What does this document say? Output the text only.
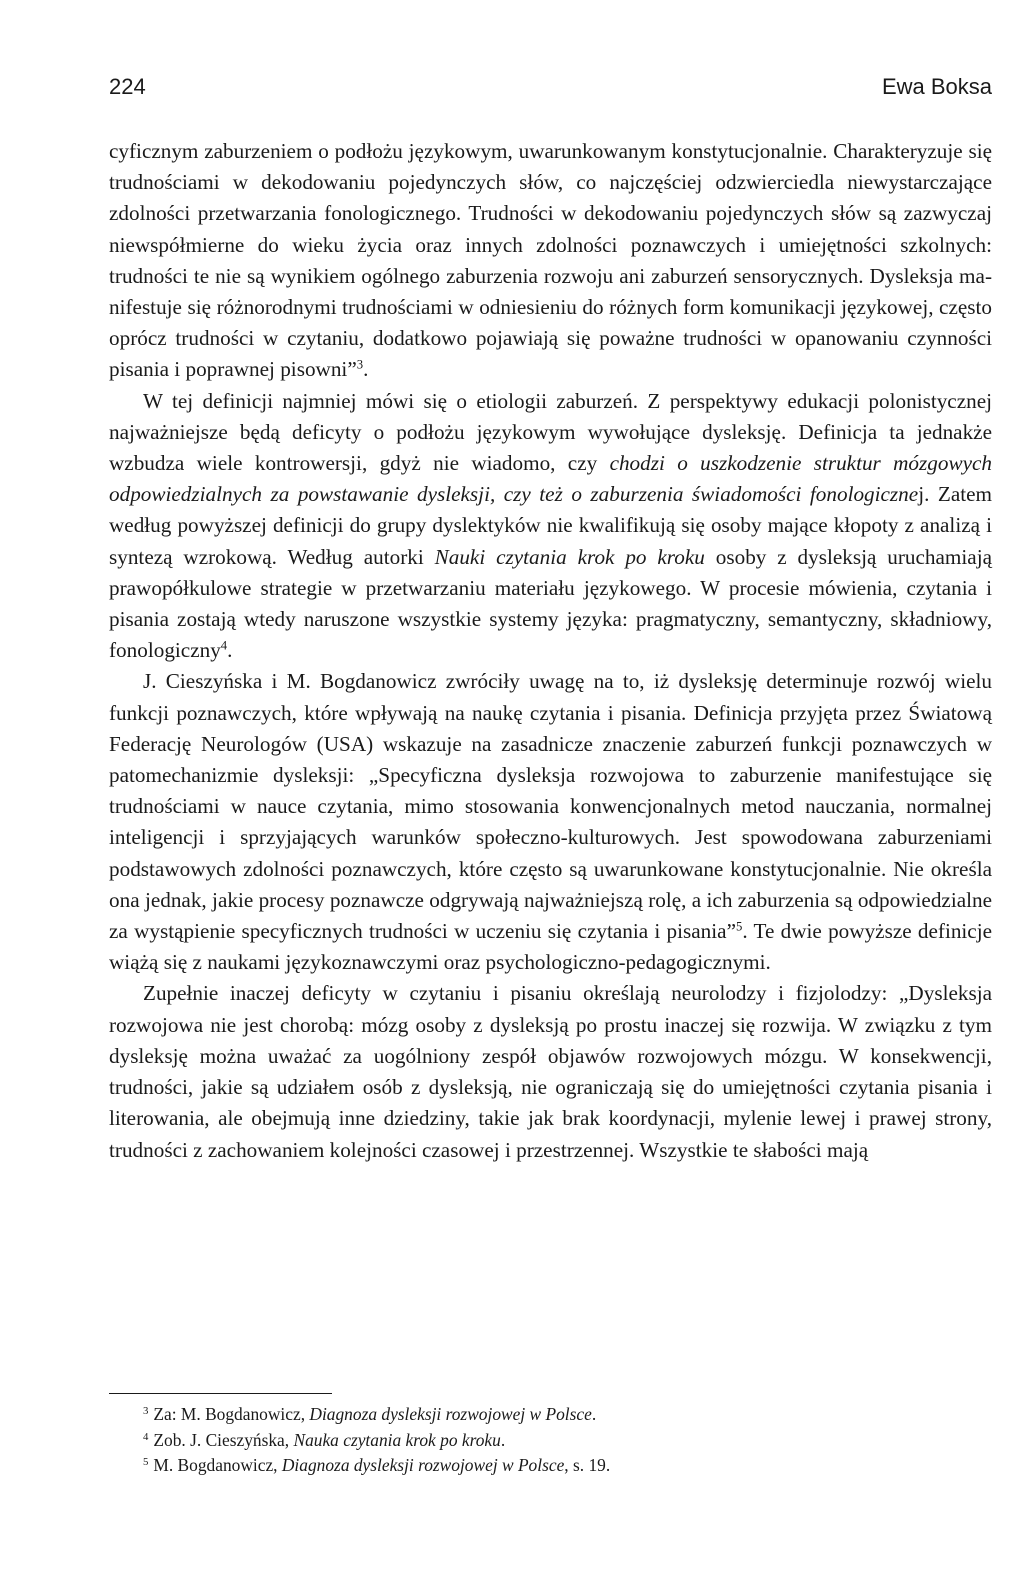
224	Ewa Boksa

cyficznym zaburzeniem o podłożu językowym, uwarunkowanym konstytucjonalnie. Charakteryzuje się trudnościami w dekodowaniu pojedynczych słów, co najczęściej odzwierciedla niewystarczające zdolności przetwarzania fonologicznego. Trudności w dekodowaniu pojedynczych słów są zazwyczaj niewspółmierne do wieku życia oraz innych zdolności poznawczych i umiejętności szkolnych: trudności te nie są wynikiem ogólnego zaburzenia rozwoju ani zaburzeń sensorycznych. Dysleksja manifestuje się różnorodnymi trudnościami w odniesieniu do różnych form komunikacji językowej, często oprócz trudności w czytaniu, dodatkowo pojawiają się poważne trudności w opanowaniu czynności pisania i poprawnej pisowni”$^3$.

W tej definicji najmniej mówi się o etiologii zaburzeń. Z perspektywy edukacji polonistycznej najważniejsze będą deficyty o podłożu językowym wywołujące dysleksję. Definicja ta jednakże wzbudza wiele kontrowersji, gdyż nie wiadomo, czy chodzi o uszkodzenie struktur mózgowych odpowiedzialnych za powstawanie dysleksji, czy też o zaburzenia świadomości fonologicznej. Zatem według powyższej definicji do grupy dyslektyków nie kwalifikują się osoby mające kłopoty z analizą i syntezą wzrokową. Według autorki Nauki czytania krok po kroku osoby z dysleksją uruchamiają prawopółkulowe strategie w przetwarzaniu materiału językowego. W procesie mówienia, czytania i pisania zostają wtedy naruszone wszystkie systemy języka: pragmatyczny, semantyczny, składniowy, fonologiczny$^4$.

J. Cieszyńska i M. Bogdanowicz zwróciły uwagę na to, iż dysleksję determinuje rozwój wielu funkcji poznawczych, które wpływają na naukę czytania i pisania. Definicja przyjęta przez Światową Federację Neurologów (USA) wskazuje na zasadnicze znaczenie zaburzeń funkcji poznawczych w patomechanizmie dysleksji: „Specyficzna dysleksja rozwojowa to zaburzenie manifestujące się trudnościami w nauce czytania, mimo stosowania konwencjonalnych metod nauczania, normalnej inteligencji i sprzyjających warunków społeczno-kulturowych. Jest spowodowana zaburzeniami podstawowych zdolności poznawczych, które często są uwarunkowane konstytucjonalnie. Nie określa ona jednak, jakie procesy poznawcze odgrywają najważniejszą rolę, a ich zaburzenia są odpowiedzialne za wystąpienie specyficznych trudności w uczeniu się czytania i pisania”$^5$. Te dwie powyższe definicje wiążą się z naukami językoznawczymi oraz psychologiczno-pedagogicznymi.

Zupełnie inaczej deficyty w czytaniu i pisaniu określają neurolodzy i fizjolodzy: „Dysleksja rozwojowa nie jest chorobą: mózg osoby z dysleksją po prostu inaczej się rozwija. W związku z tym dysleksję można uważać za uogólniony zespół objawów rozwojowych mózgu. W konsekwencji, trudności, jakie są udziałem osób z dysleksją, nie ograniczają się do umiejętności czytania pisania i literowania, ale obejmują inne dziedziny, takie jak brak koordynacji, mylenie lewej i prawej strony, trudności z zachowaniem kolejności czasowej i przestrzennej. Wszystkie te słabości mają

$^3$ Za: M. Bogdanowicz, Diagnoza dysleksji rozwojowej w Polsce.
$^4$ Zob. J. Cieszyńska, Nauka czytania krok po kroku.
$^5$ M. Bogdanowicz, Diagnoza dysleksji rozwojowej w Polsce, s. 19.
